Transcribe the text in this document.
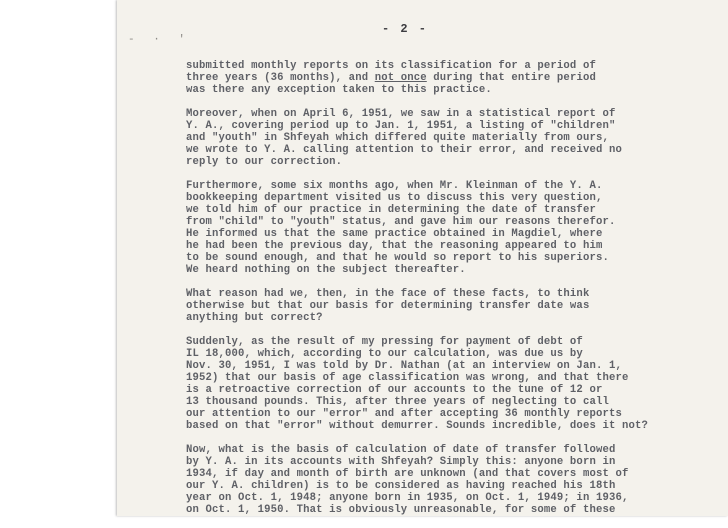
- · '
- 2 -
submitted monthly reports on its classification for a period of
three years (36 months), and not once during that entire period
was there any exception taken to this practice.
Moreover, when on April 6, 1951, we saw in a statistical report of
Y. A., covering period up to Jan. 1, 1951, a listing of "children"
and "youth" in Shfeyah which differed quite materially from ours,
we wrote to Y. A. calling attention to their error, and received no
reply to our correction.
Furthermore, some six months ago, when Mr. Kleinman of the Y. A.
bookkeeping department visited us to discuss this very question,
we told him of our practice in determining the date of transfer
from "child" to "youth" status, and gave him our reasons therefor.
He informed us that the same practice obtained in Magdiel, where
he had been the previous day, that the reasoning appeared to him
to be sound enough, and that he would so report to his superiors.
We heard nothing on the subject thereafter.
What reason had we, then, in the face of these facts, to think
otherwise but that our basis for determining transfer date was
anything but correct?
Suddenly, as the result of my pressing for payment of debt of
IL 18,000, which, according to our calculation, was due us by
Nov. 30, 1951, I was told by Dr. Nathan (at an interview on Jan. 1,
1952) that our basis of age classification was wrong, and that there
is a retroactive correction of our accounts to the tune of 12 or
13 thousand pounds. This, after three years of neglecting to call
our attention to our "error" and after accepting 36 monthly reports
based on that "error" without demurrer. Sounds incredible, does it not?
Now, what is the basis of calculation of date of transfer followed
by Y. A. in its accounts with Shfeyah? Simply this: anyone born in
1934, if day and month of birth are unknown (and that covers most of
our Y. A. children) is to be considered as having reached his 18th
year on Oct. 1, 1948; anyone born in 1935, on Oct. 1, 1949; in 1936,
on Oct. 1, 1950. That is obviously unreasonable, for some of these
